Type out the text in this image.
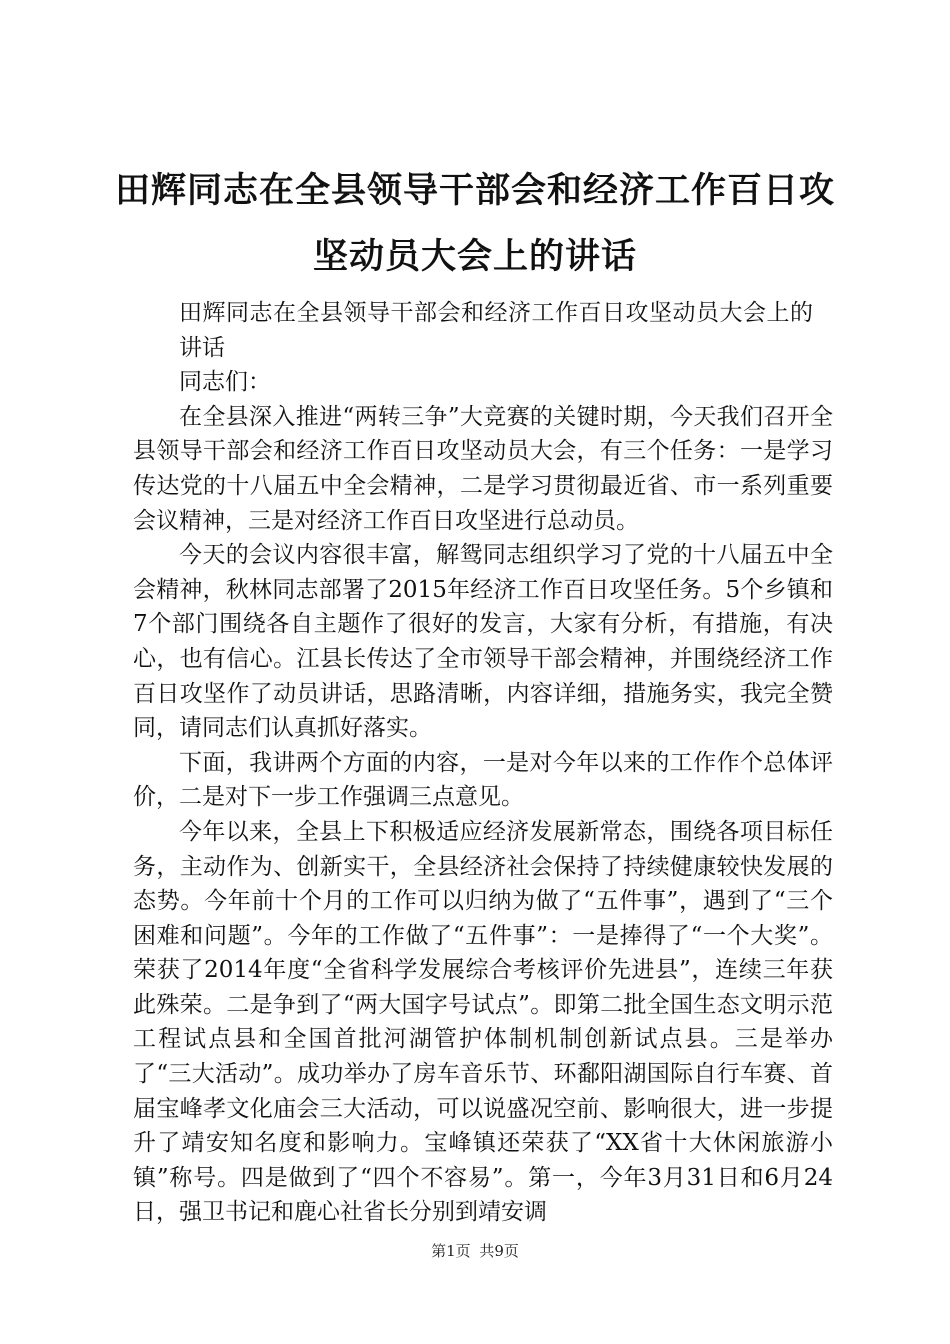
田辉同志在全县领导干部会和经济工作百日攻坚动员大会上的讲话

田辉同志在全县领导干部会和经济工作百日攻坚动员大会上的讲话

同志们：

在全县深入推进“两转三争”大竞赛的关键时期，今天我们召开全县领导干部会和经济工作百日攻坚动员大会，有三个任务：一是学习传达党的十八届五中全会精神，二是学习贯彻最近省、市一系列重要会议精神，三是对经济工作百日攻坚进行总动员。

今天的会议内容很丰富，解鸳同志组织学习了党的十八届五中全会精神，秋林同志部署了2015年经济工作百日攻坚任务。5个乡镇和7个部门围绕各自主题作了很好的发言，大家有分析，有措施，有决心，也有信心。江县长传达了全市领导干部会精神，并围绕经济工作百日攻坚作了动员讲话，思路清晰，内容详细，措施务实，我完全赞同，请同志们认真抓好落实。

下面，我讲两个方面的内容，一是对今年以来的工作作个总体评价，二是对下一步工作强调三点意见。

今年以来，全县上下积极适应经济发展新常态，围绕各项目标任务，主动作为、创新实干，全县经济社会保持了持续健康较快发展的态势。今年前十个月的工作可以归纳为做了“五件事”，遇到了“三个困难和问题”。今年的工作做了“五件事”：一是捧得了“一个大奖”。荣获了2014年度“全省科学发展综合考核评价先进县”，连续三年获此殊荣。二是争到了“两大国字号试点”。即第二批全国生态文明示范工程试点县和全国首批河湖管护体制机制创新试点县。三是举办了“三大活动”。成功举办了房车音乐节、环鄱阳湖国际自行车赛、首届宝峰孝文化庙会三大活动，可以说盛况空前、影响很大，进一步提升了靖安知名度和影响力。宝峰镇还荣获了“XX省十大休闲旅游小镇”称号。四是做到了“四个不容易”。第一，今年3月31日和6月24日，强卫书记和鹿心社省长分别到靖安调

第1页 共9页
